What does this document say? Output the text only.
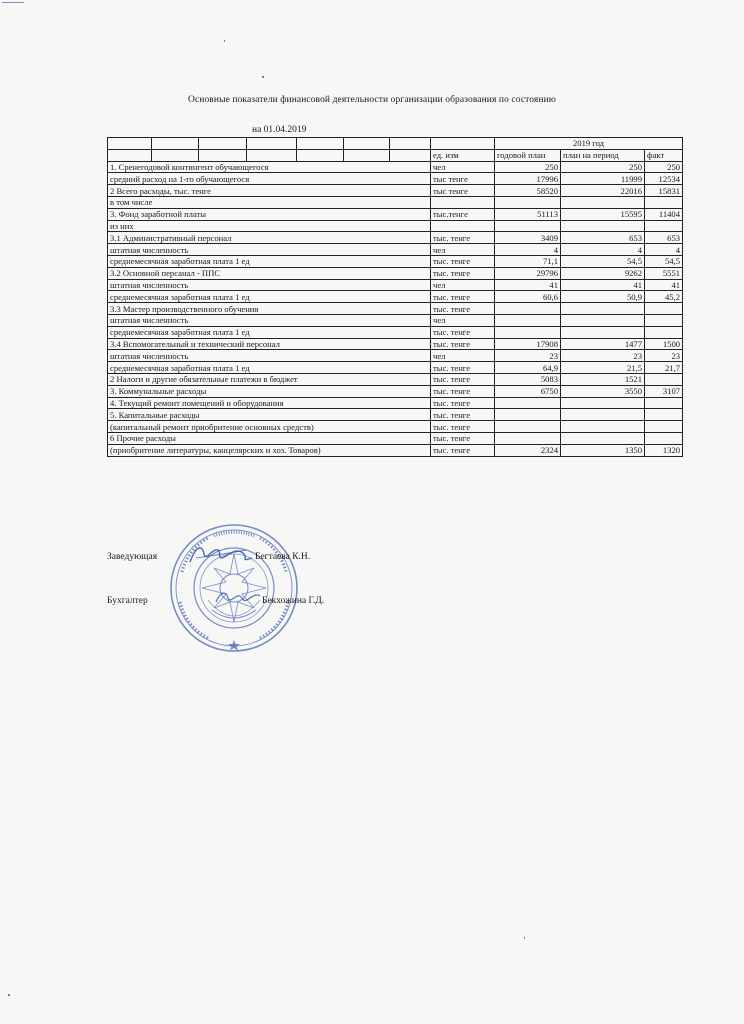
Основные показатели финансовой деятельности организации образования по состоянию
на 01.04.2019
								2019 год		
							ед. изм	годовой план	план на период	факт
1. Сренегодовой контингент обучающегося							чел	250	250	250
средний расход на 1-го обучающегося							тыс тенге	17996	11999	12534
2 Всего расходы, тыс. тенге							тыс тенге	58520	22016	15831
в том числе										
3. Фонд заработной платы							тыс.тенге	51113	15595	11404
из них										
3.1 Административный персонал							тыс. тенге	3409	653	653
штатная численность							чел	4	4	4
среднемесячная заработная плата 1 ед							тыс. тенге	71,1	54,5	54,5
3.2 Основной персанал - ППС							тыс. тенге	29796	9262	5551
штатная численность							чел	41	41	41
среднемесячная заработная плата 1 ед							тыс. тенге	60,6	50,9	45,2
3.3 Мастер производственного обучения							тыс. тенге			
штатная численность							чел			
среднемесячная заработная плата 1 ед							тыс. тенге			
3.4 Вспомогательный и технический персонал							тыс. тенге	17908	1477	1500
штатная численность							чел	23	23	23
среднемесячная заработная плата 1 ед							тыс. тенге	64,9	21,5	21,7
2 Налоги и другие обязательные платежи в бюджет							тыс. тенге	5083	1521	
3. Коммунальные расходы							тыс. тенге	6750	3550	3107
4. Текущий ремонт помещений и оборудования							тыс. тенге			
5. Капитальные расходы							тыс. тенге			
(капитальный ремонт приобритение основных средств)							тыс. тенге			
6 Прочие расходы							тыс. тенге			
(приобритение литературы, канцелярских и хоз. Товаров)							тыс. тенге	2324	1350	1320
Заведующая	Бегтаева К.Н.
Бухгалтер	Бекхожина Г.Д.
